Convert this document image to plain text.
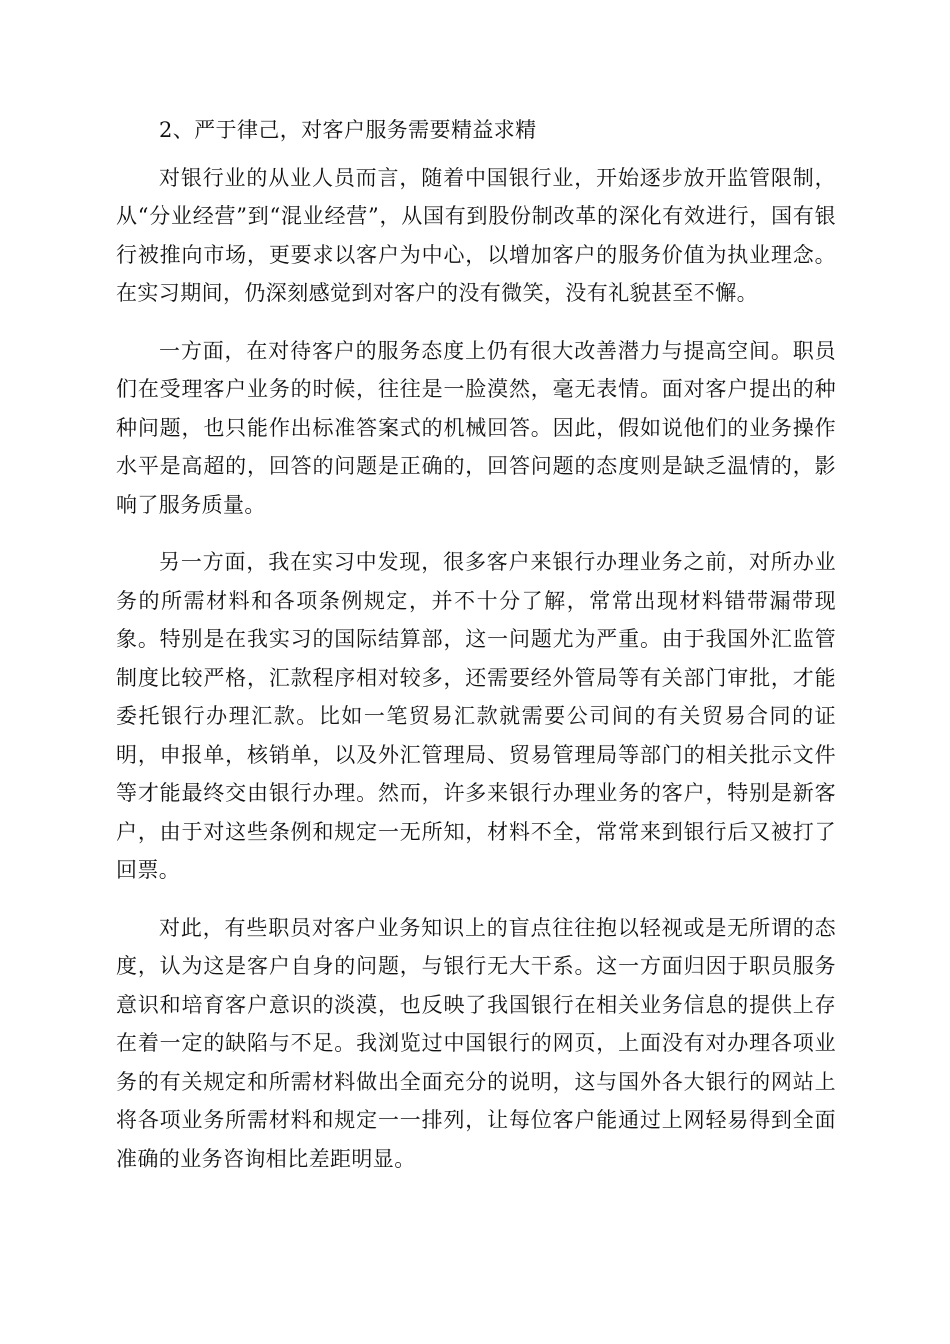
2、严于律己，对客户服务需要精益求精

对银行业的从业人员而言，随着中国银行业，开始逐步放开监管限制，从“分业经营”到“混业经营”，从国有到股份制改革的深化有效进行，国有银行被推向市场，更要求以客户为中心，以增加客户的服务价值为执业理念。在实习期间，仍深刻感觉到对客户的没有微笑，没有礼貌甚至不懈。

一方面，在对待客户的服务态度上仍有很大改善潜力与提高空间。职员们在受理客户业务的时候，往往是一脸漠然，毫无表情。面对客户提出的种种问题，也只能作出标准答案式的机械回答。因此，假如说他们的业务操作水平是高超的，回答的问题是正确的，回答问题的态度则是缺乏温情的，影响了服务质量。

另一方面，我在实习中发现，很多客户来银行办理业务之前，对所办业务的所需材料和各项条例规定，并不十分了解，常常出现材料错带漏带现象。特别是在我实习的国际结算部，这一问题尤为严重。由于我国外汇监管制度比较严格，汇款程序相对较多，还需要经外管局等有关部门审批，才能委托银行办理汇款。比如一笔贸易汇款就需要公司间的有关贸易合同的证明，申报单，核销单，以及外汇管理局、贸易管理局等部门的相关批示文件等才能最终交由银行办理。然而，许多来银行办理业务的客户，特别是新客户，由于对这些条例和规定一无所知，材料不全，常常来到银行后又被打了回票。

对此，有些职员对客户业务知识上的盲点往往抱以轻视或是无所谓的态度，认为这是客户自身的问题，与银行无大干系。这一方面归因于职员服务意识和培育客户意识的淡漠，也反映了我国银行在相关业务信息的提供上存在着一定的缺陷与不足。我浏览过中国银行的网页，上面没有对办理各项业务的有关规定和所需材料做出全面充分的说明，这与国外各大银行的网站上将各项业务所需材料和规定一一排列，让每位客户能通过上网轻易得到全面准确的业务咨询相比差距明显。
